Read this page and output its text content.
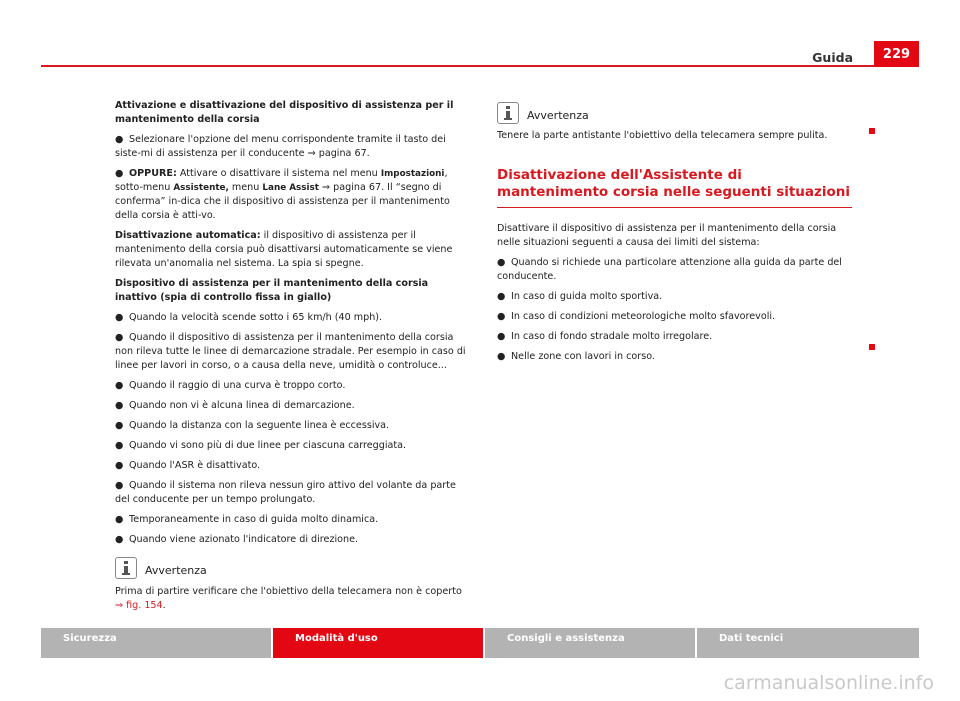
Guida	229

Attivazione e disattivazione del dispositivo di assistenza per il mantenimento della corsia

● Selezionare l'opzione del menu corrispondente tramite il tasto dei siste-mi di assistenza per il conducente ⇒ pagina 67.

● OPPURE: Attivare o disattivare il sistema nel menu Impostazioni, sotto-menu Assistente, menu Lane Assist ⇒ pagina 67. Il “segno di conferma” in-dica che il dispositivo di assistenza per il mantenimento della corsia è atti-vo.

Disattivazione automatica: il dispositivo di assistenza per il mantenimento della corsia può disattivarsi automaticamente se viene rilevata un'anomalia nel sistema. La spia si spegne.

Dispositivo di assistenza per il mantenimento della corsia inattivo (spia di controllo fissa in giallo)

● Quando la velocità scende sotto i 65 km/h (40 mph).

● Quando il dispositivo di assistenza per il mantenimento della corsia non rileva tutte le linee di demarcazione stradale. Per esempio in caso di linee per lavori in corso, o a causa della neve, umidità o controluce...

● Quando il raggio di una curva è troppo corto.

● Quando non vi è alcuna linea di demarcazione.

● Quando la distanza con la seguente linea è eccessiva.

● Quando vi sono più di due linee per ciascuna carreggiata.

● Quando l'ASR è disattivato.

● Quando il sistema non rileva nessun giro attivo del volante da parte del conducente per un tempo prolungato.

● Temporaneamente in caso di guida molto dinamica.

● Quando viene azionato l'indicatore di direzione.

Avvertenza

Prima di partire verificare che l'obiettivo della telecamera non è coperto
⇒ fig. 154.

Avvertenza

Tenere la parte antistante l'obiettivo della telecamera sempre pulita.

Disattivazione dell'Assistente di mantenimento corsia nelle seguenti situazioni

Disattivare il dispositivo di assistenza per il mantenimento della corsia nelle situazioni seguenti a causa dei limiti del sistema:

● Quando si richiede una particolare attenzione alla guida da parte del conducente.

● In caso di guida molto sportiva.

● In caso di condizioni meteorologiche molto sfavorevoli.

● In caso di fondo stradale molto irregolare.

● Nelle zone con lavori in corso.

Sicurezza	Modalità d'uso	Consigli e assistenza	Dati tecnici
carmanualsonline.info
